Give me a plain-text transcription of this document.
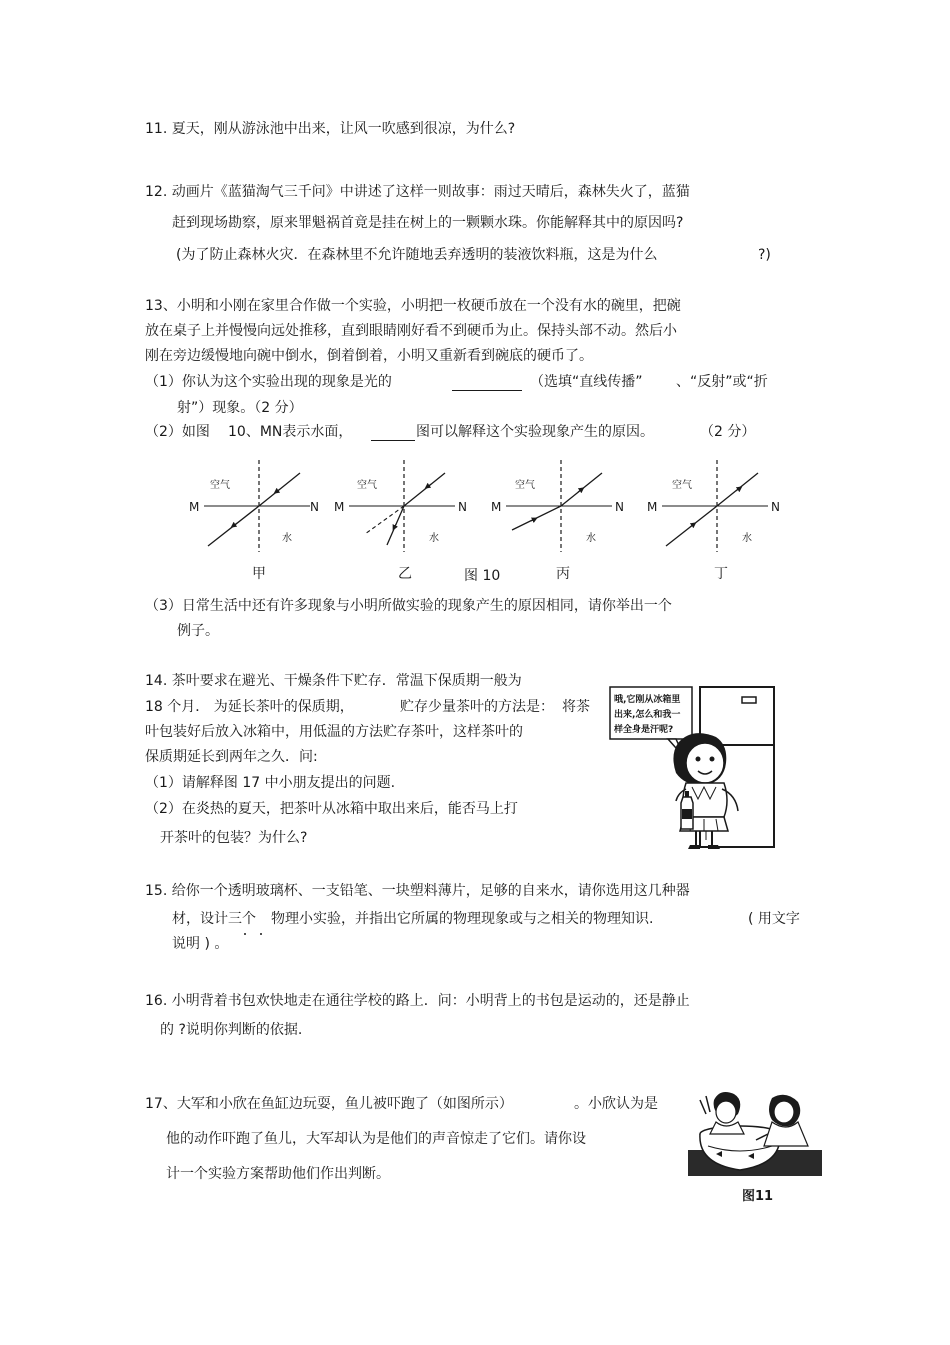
11. 夏天，刚从游泳池中出来，让风一吹感到很凉，为什么?
12. 动画片《蓝猫淘气三千问》中讲述了这样一则故事：雨过天晴后，森林失火了，蓝猫
赶到现场勘察，原来罪魁祸首竟是挂在树上的一颗颗水珠。你能解释其中的原因吗?
(为了防止森林火灾．在森林里不允许随地丢弃透明的装液饮料瓶，这是为什么	?)
13、小明和小刚在家里合作做一个实验，小明把一枚硬币放在一个没有水的碗里，把碗
放在桌子上并慢慢向远处推移，直到眼睛刚好看不到硬币为止。保持头部不动。然后小
刚在旁边缓慢地向碗中倒水，倒着倒着，小明又重新看到碗底的硬币了。
（1）你认为这个实验出现的现象是光的	（选填“直线传播” 、“反射”或“折
射”）现象。（2 分）
（2）如图 10、MN表示水面，	图可以解释这个实验现象产生的原因。	（2 分）
M	N
空气
水
甲
M	N
空气
水
乙	图 10
M	N
空气
水
丙
M	N
空气
水
丁
（3）日常生活中还有许多现象与小明所做实验的现象产生的原因相同，请你举出一个
例子。
14. 茶叶要求在避光、干燥条件下贮存．常温下保质期一般为
18 个月． 为延长茶叶的保质期，	贮存少量茶叶的方法是： 将茶
叶包装好后放入冰箱中，用低温的方法贮存茶叶，这样茶叶的
保质期延长到两年之久．问:
（1）请解释图 17 中小朋友提出的问题.
（2）在炎热的夏天，把茶叶从冰箱中取出来后，能否马上打
开茶叶的包装？为什么?
哦,它刚从冰箱里
出来,怎么和我一
样全身是汗呢?
15. 给你一个透明玻璃杯、一支铅笔、一块塑料薄片，足够的自来水，请你选用这几种器
材，设计三个 物理小实验，并指出它所属的物理现象或与之相关的物理知识.	( 用文字
说明 ) 。
16. 小明背着书包欢快地走在通往学校的路上．问：小明背上的书包是运动的，还是静止
的 ?说明你判断的依据.
17、大军和小欣在鱼缸边玩耍，鱼儿被吓跑了（如图所示）	。小欣认为是
他的动作吓跑了鱼儿，大军却认为是他们的声音惊走了它们。请你设
计一个实验方案帮助他们作出判断。
图11
